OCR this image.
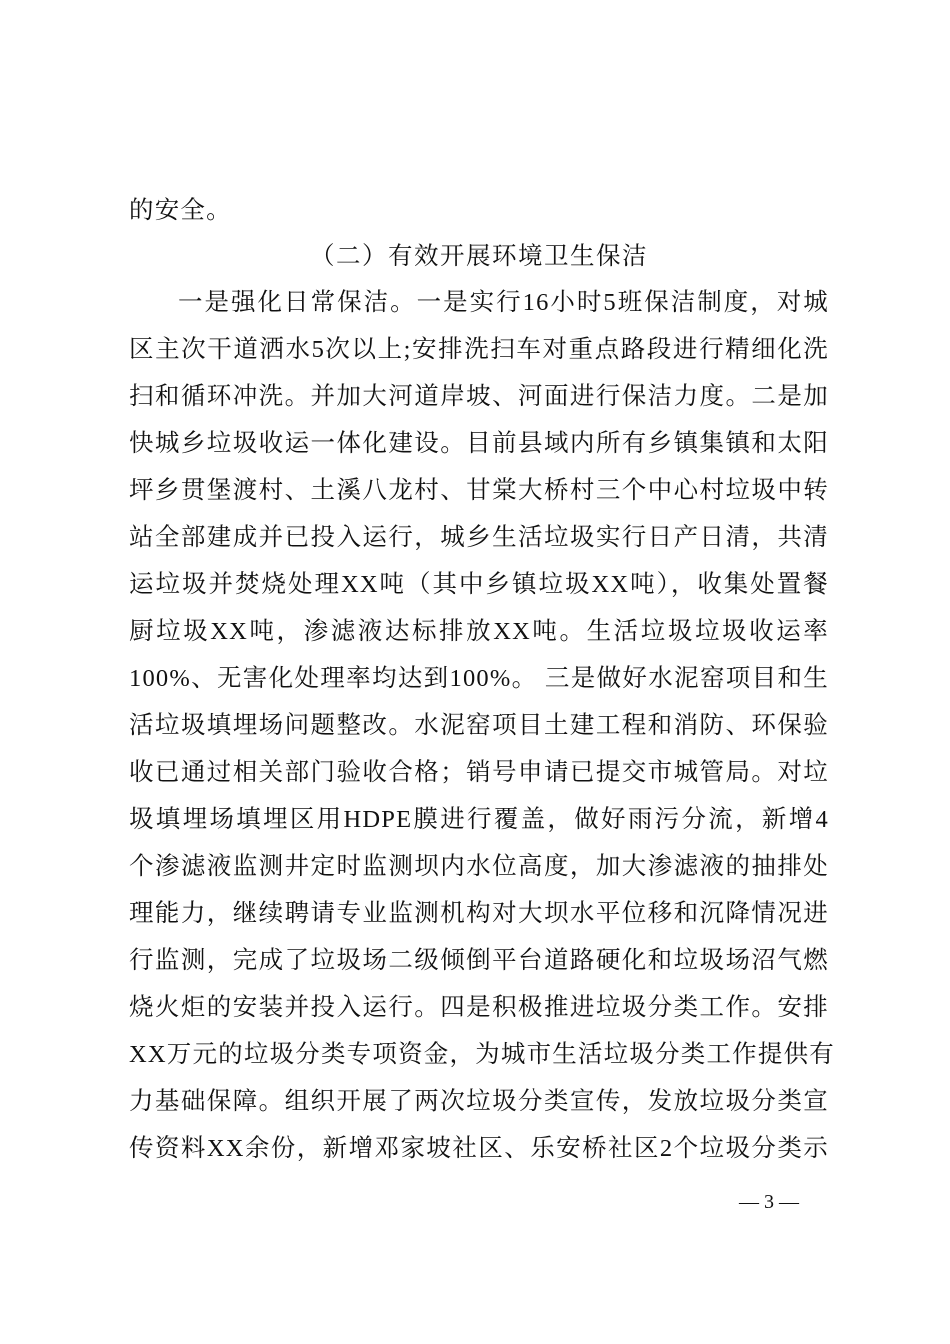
的安全。
（二）有效开展环境卫生保洁
一是强化日常保洁。一是实行16小时5班保洁制度，对城
区主次干道洒水5次以上;安排洗扫车对重点路段进行精细化洗
扫和循环冲洗。并加大河道岸坡、河面进行保洁力度。二是加
快城乡垃圾收运一体化建设。目前县域内所有乡镇集镇和太阳
坪乡贯堡渡村、土溪八龙村、甘棠大桥村三个中心村垃圾中转
站全部建成并已投入运行，城乡生活垃圾实行日产日清，共清
运垃圾并焚烧处理XX吨（其中乡镇垃圾XX吨），收集处置餐
厨垃圾XX吨，渗滤液达标排放XX吨。生活垃圾垃圾收运率
100%、无害化处理率均达到100%。 三是做好水泥窑项目和生
活垃圾填埋场问题整改。水泥窑项目土建工程和消防、环保验
收已通过相关部门验收合格；销号申请已提交市城管局。对垃
圾填埋场填埋区用HDPE膜进行覆盖，做好雨污分流，新增4
个渗滤液监测井定时监测坝内水位高度，加大渗滤液的抽排处
理能力，继续聘请专业监测机构对大坝水平位移和沉降情况进
行监测，完成了垃圾场二级倾倒平台道路硬化和垃圾场沼气燃
烧火炬的安装并投入运行。四是积极推进垃圾分类工作。安排
XX万元的垃圾分类专项资金，为城市生活垃圾分类工作提供有
力基础保障。组织开展了两次垃圾分类宣传，发放垃圾分类宣
传资料XX余份，新增邓家坡社区、乐安桥社区2个垃圾分类示
— 3 —
